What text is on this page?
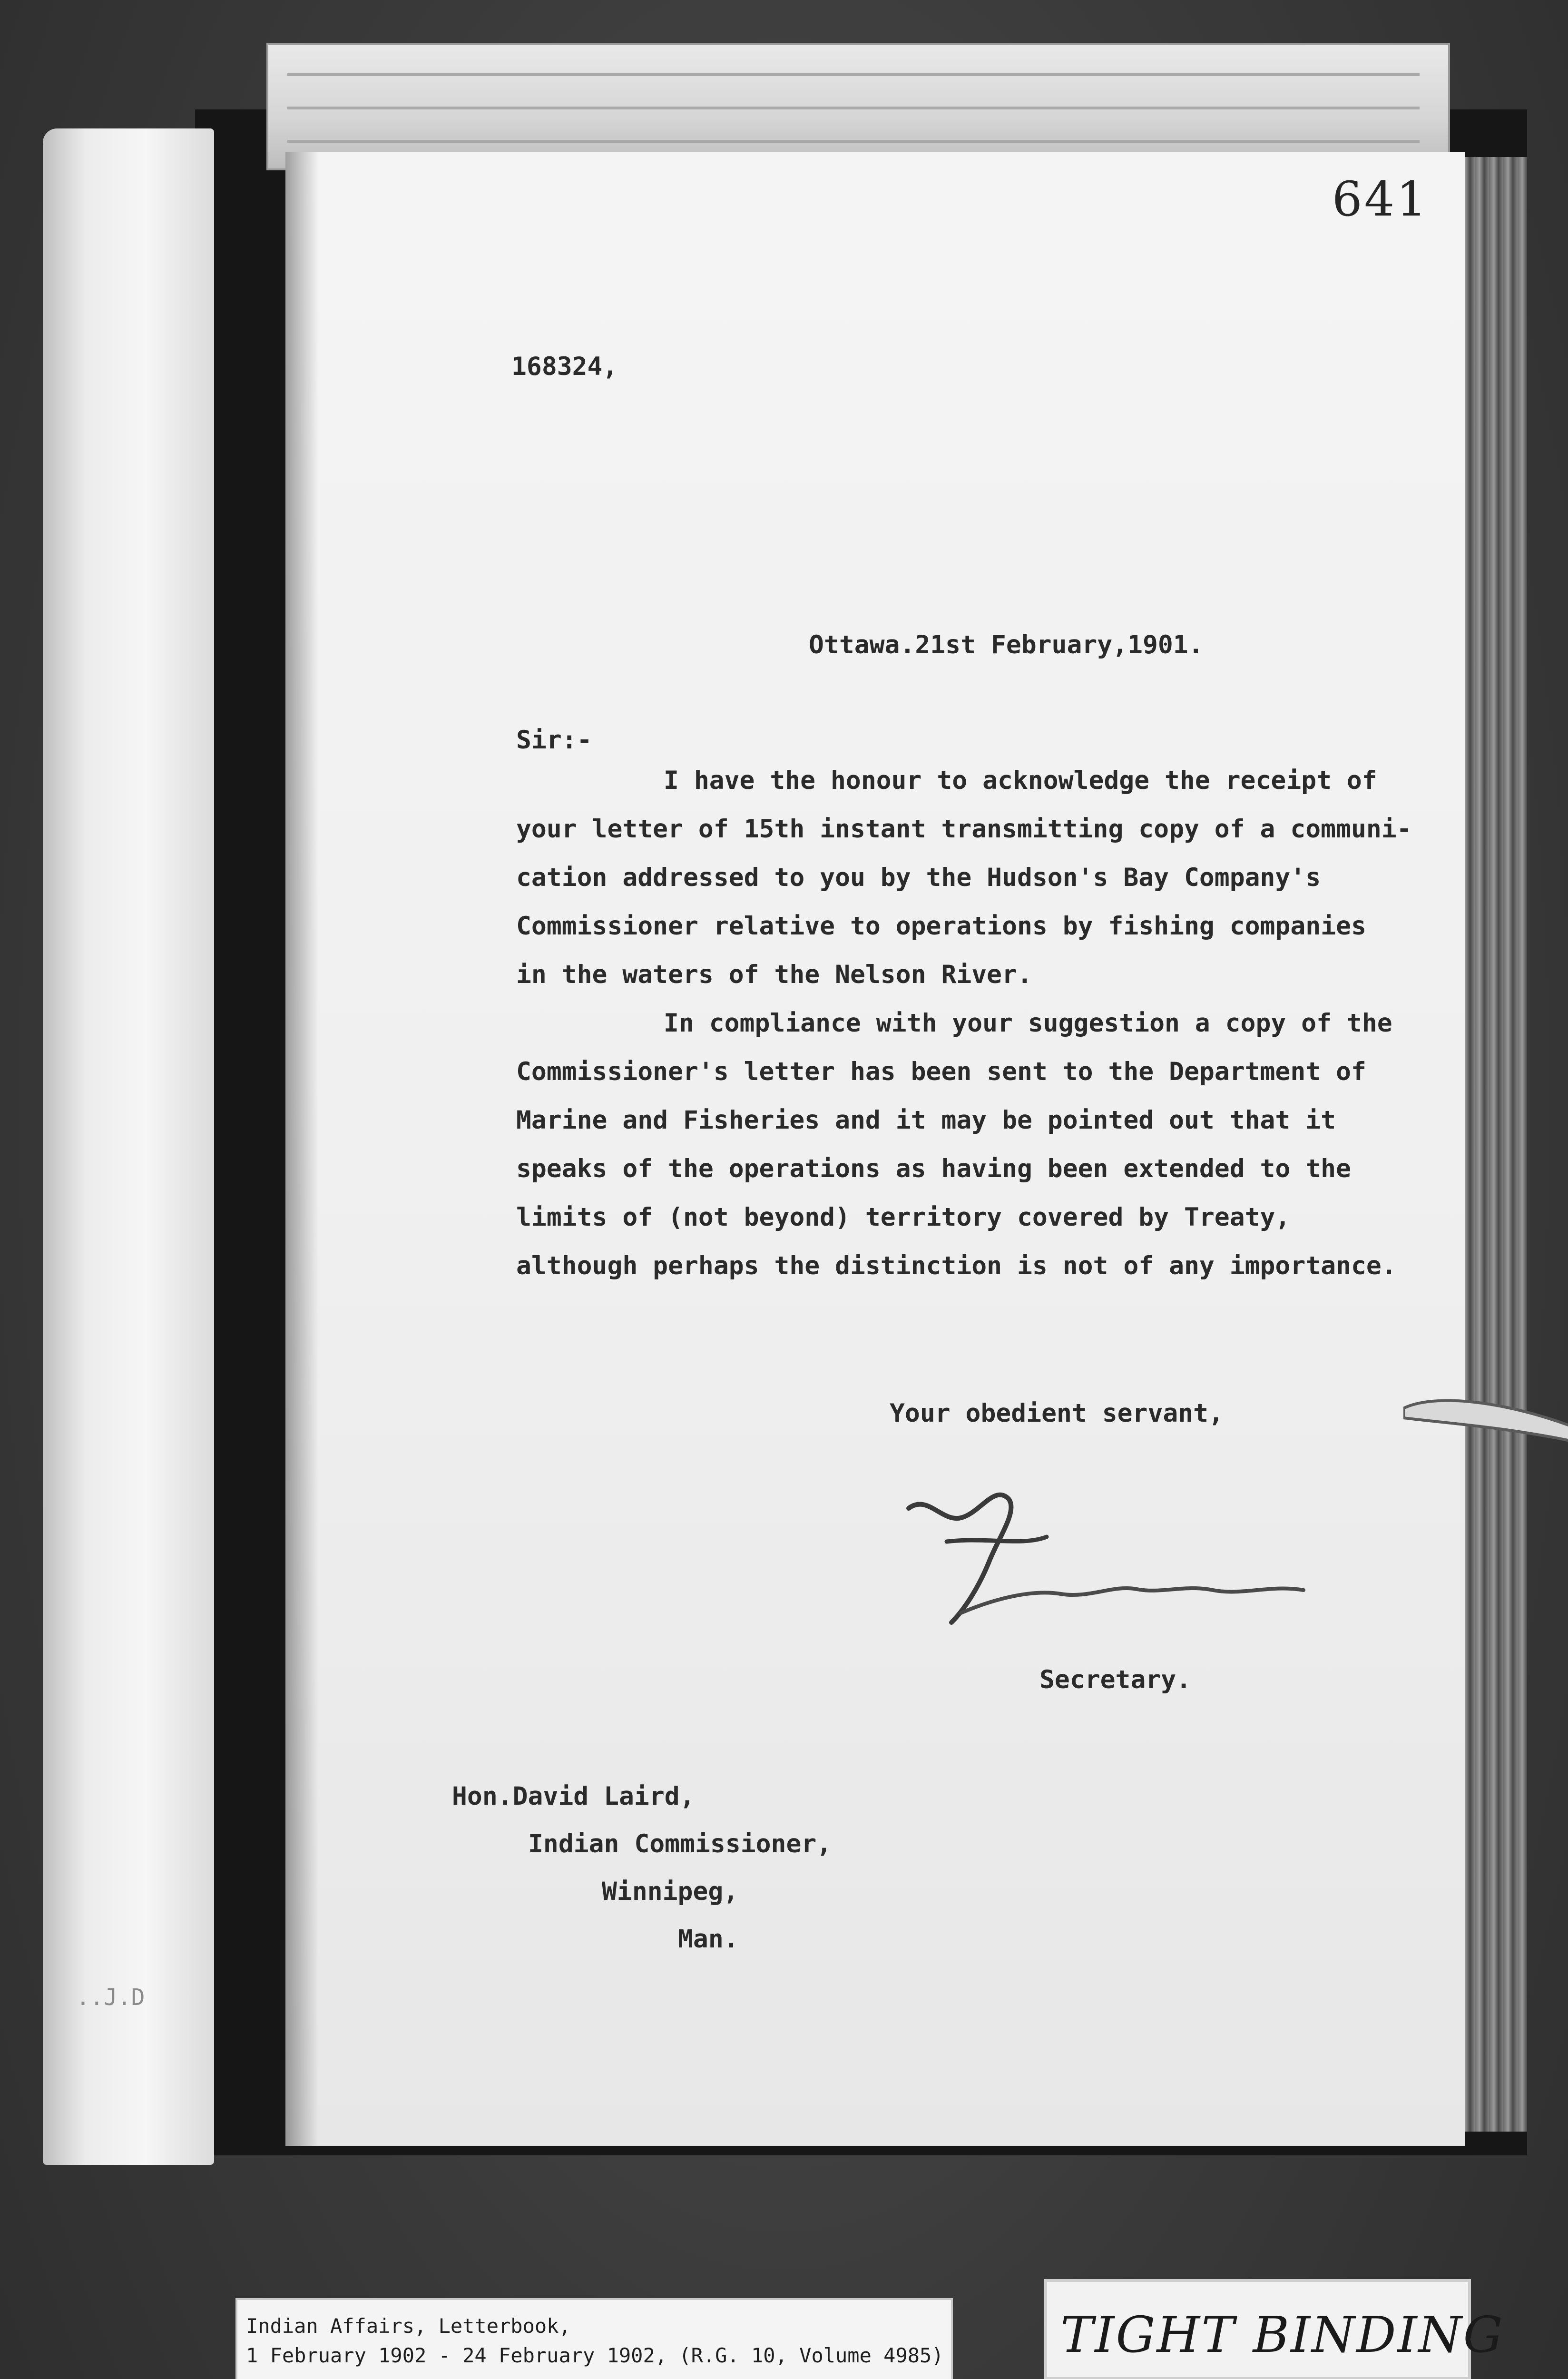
..J.D
641
168324,
Ottawa.21st February,1901.
Sir:-
I have the honour to acknowledge the receipt of
your letter of 15th instant transmitting copy of a communi-
cation addressed to you by the Hudson's Bay Company's
Commissioner relative to operations by fishing companies
in the waters of the Nelson River.
In compliance with your suggestion a copy of the
Commissioner's letter has been sent to the Department of
Marine and Fisheries and it may be pointed out that it
speaks of the operations as having been extended to the
limits of (not beyond) territory covered by Treaty,
although perhaps the distinction is not of any importance.
Your obedient servant,
Secretary.
Hon.David Laird,
Indian Commissioner,
Winnipeg,
Man.
Indian Affairs, Letterbook,
1 February 1902 - 24 February 1902, (R.G. 10, Volume 4985) TIGHT BINDING
